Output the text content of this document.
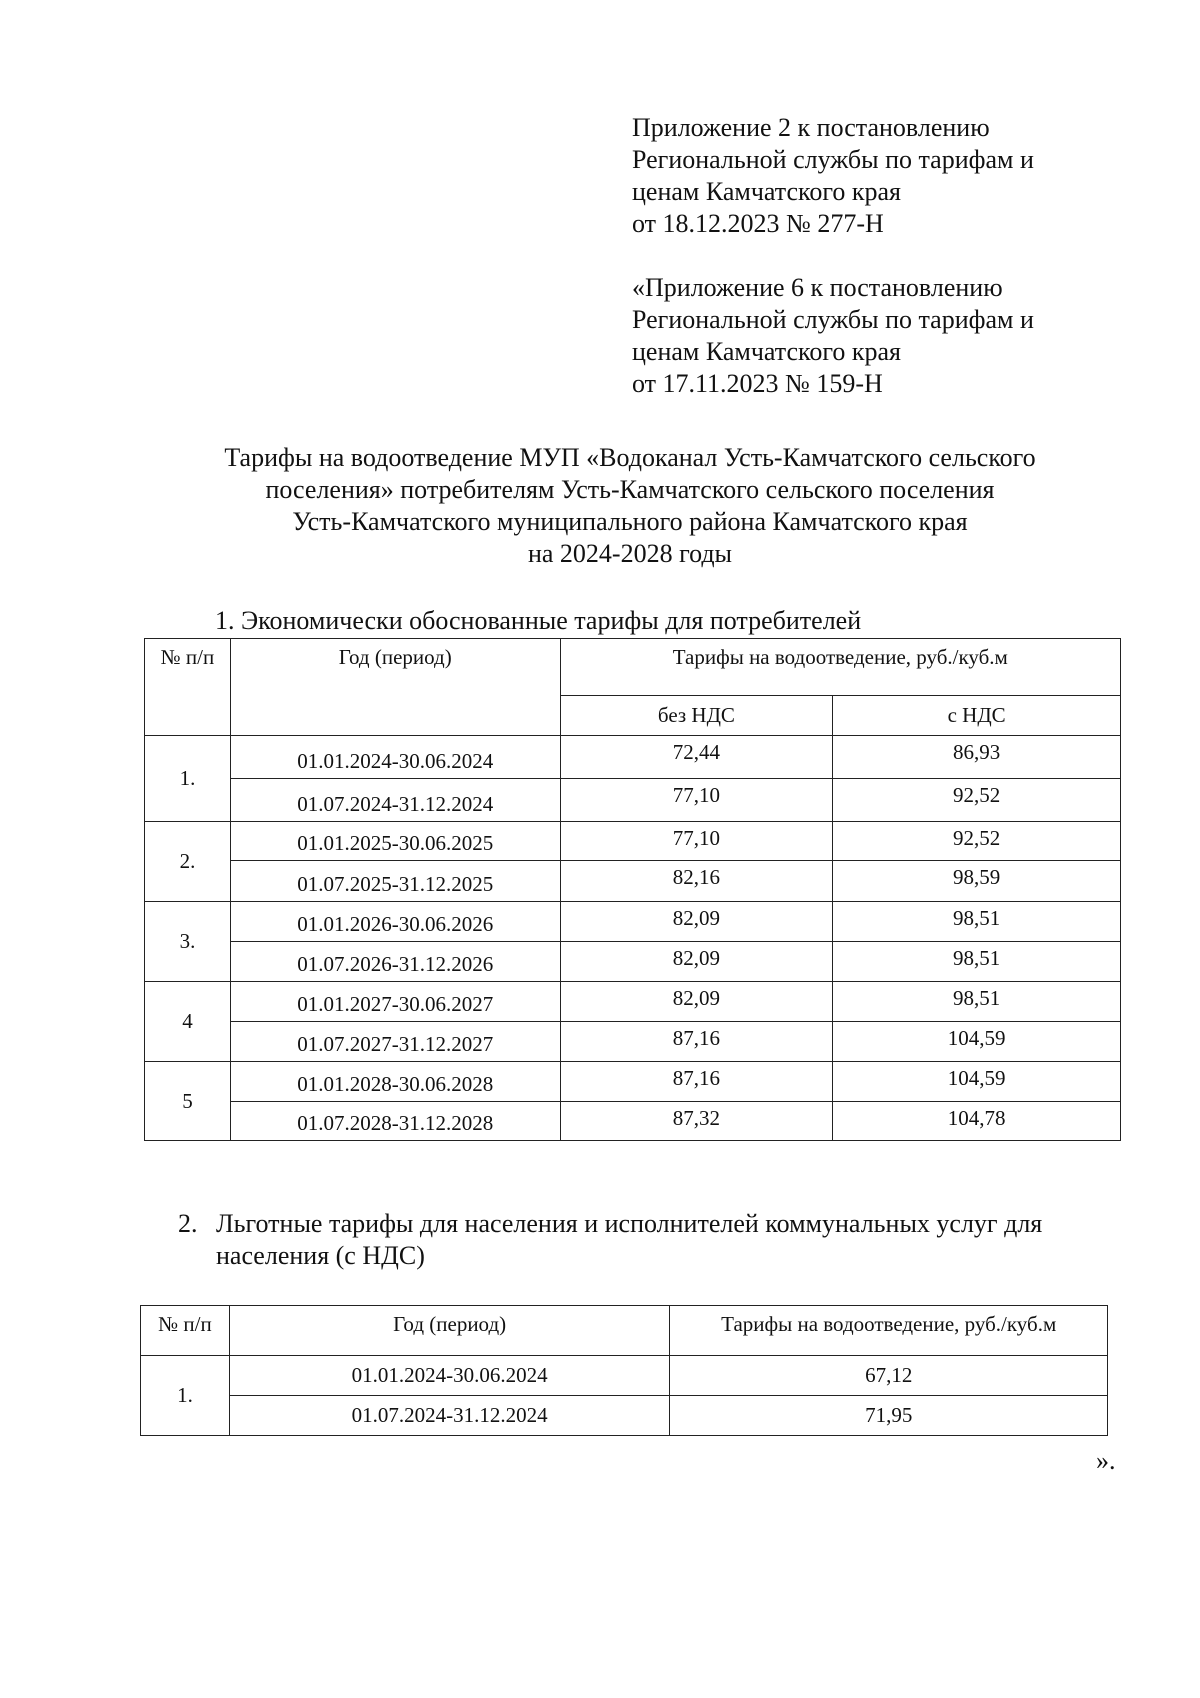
Приложение 2 к постановлению

Региональной службы по тарифам и

ценам Камчатского края

от 18.12.2023 № 277-Н

«Приложение 6 к постановлению

Региональной службы по тарифам и

ценам Камчатского края

от 17.11.2023 № 159-Н

Тарифы на водоотведение МУП «Водоканал Усть-Камчатского сельского

поселения» потребителям Усть-Камчатского сельского поселения

Усть-Камчатского муниципального района Камчатского края

на 2024-2028 годы

1. Экономически обоснованные тарифы для потребителей
№ п/п	Год (период)	Тарифы на водоотведение, руб./куб.м	
		без НДС	с НДС
1.	01.01.2024-30.06.2024	72,44	86,93
	01.07.2024-31.12.2024	77,10	92,52
2.	01.01.2025-30.06.2025	77,10	92,52
	01.07.2025-31.12.2025	82,16	98,59
3.	01.01.2026-30.06.2026	82,09	98,51
	01.07.2026-31.12.2026	82,09	98,51
4	01.01.2027-30.06.2027	82,09	98,51
	01.07.2027-31.12.2027	87,16	104,59
5	01.01.2028-30.06.2028	87,16	104,59
	01.07.2028-31.12.2028	87,32	104,78
2. Льготные тарифы для населения и исполнителей коммунальных услуг для
населения (с НДС)
№ п/п	Год (период)	Тарифы на водоотведение, руб./куб.м
1.	01.01.2024-30.06.2024	67,12
	01.07.2024-31.12.2024	71,95
».
